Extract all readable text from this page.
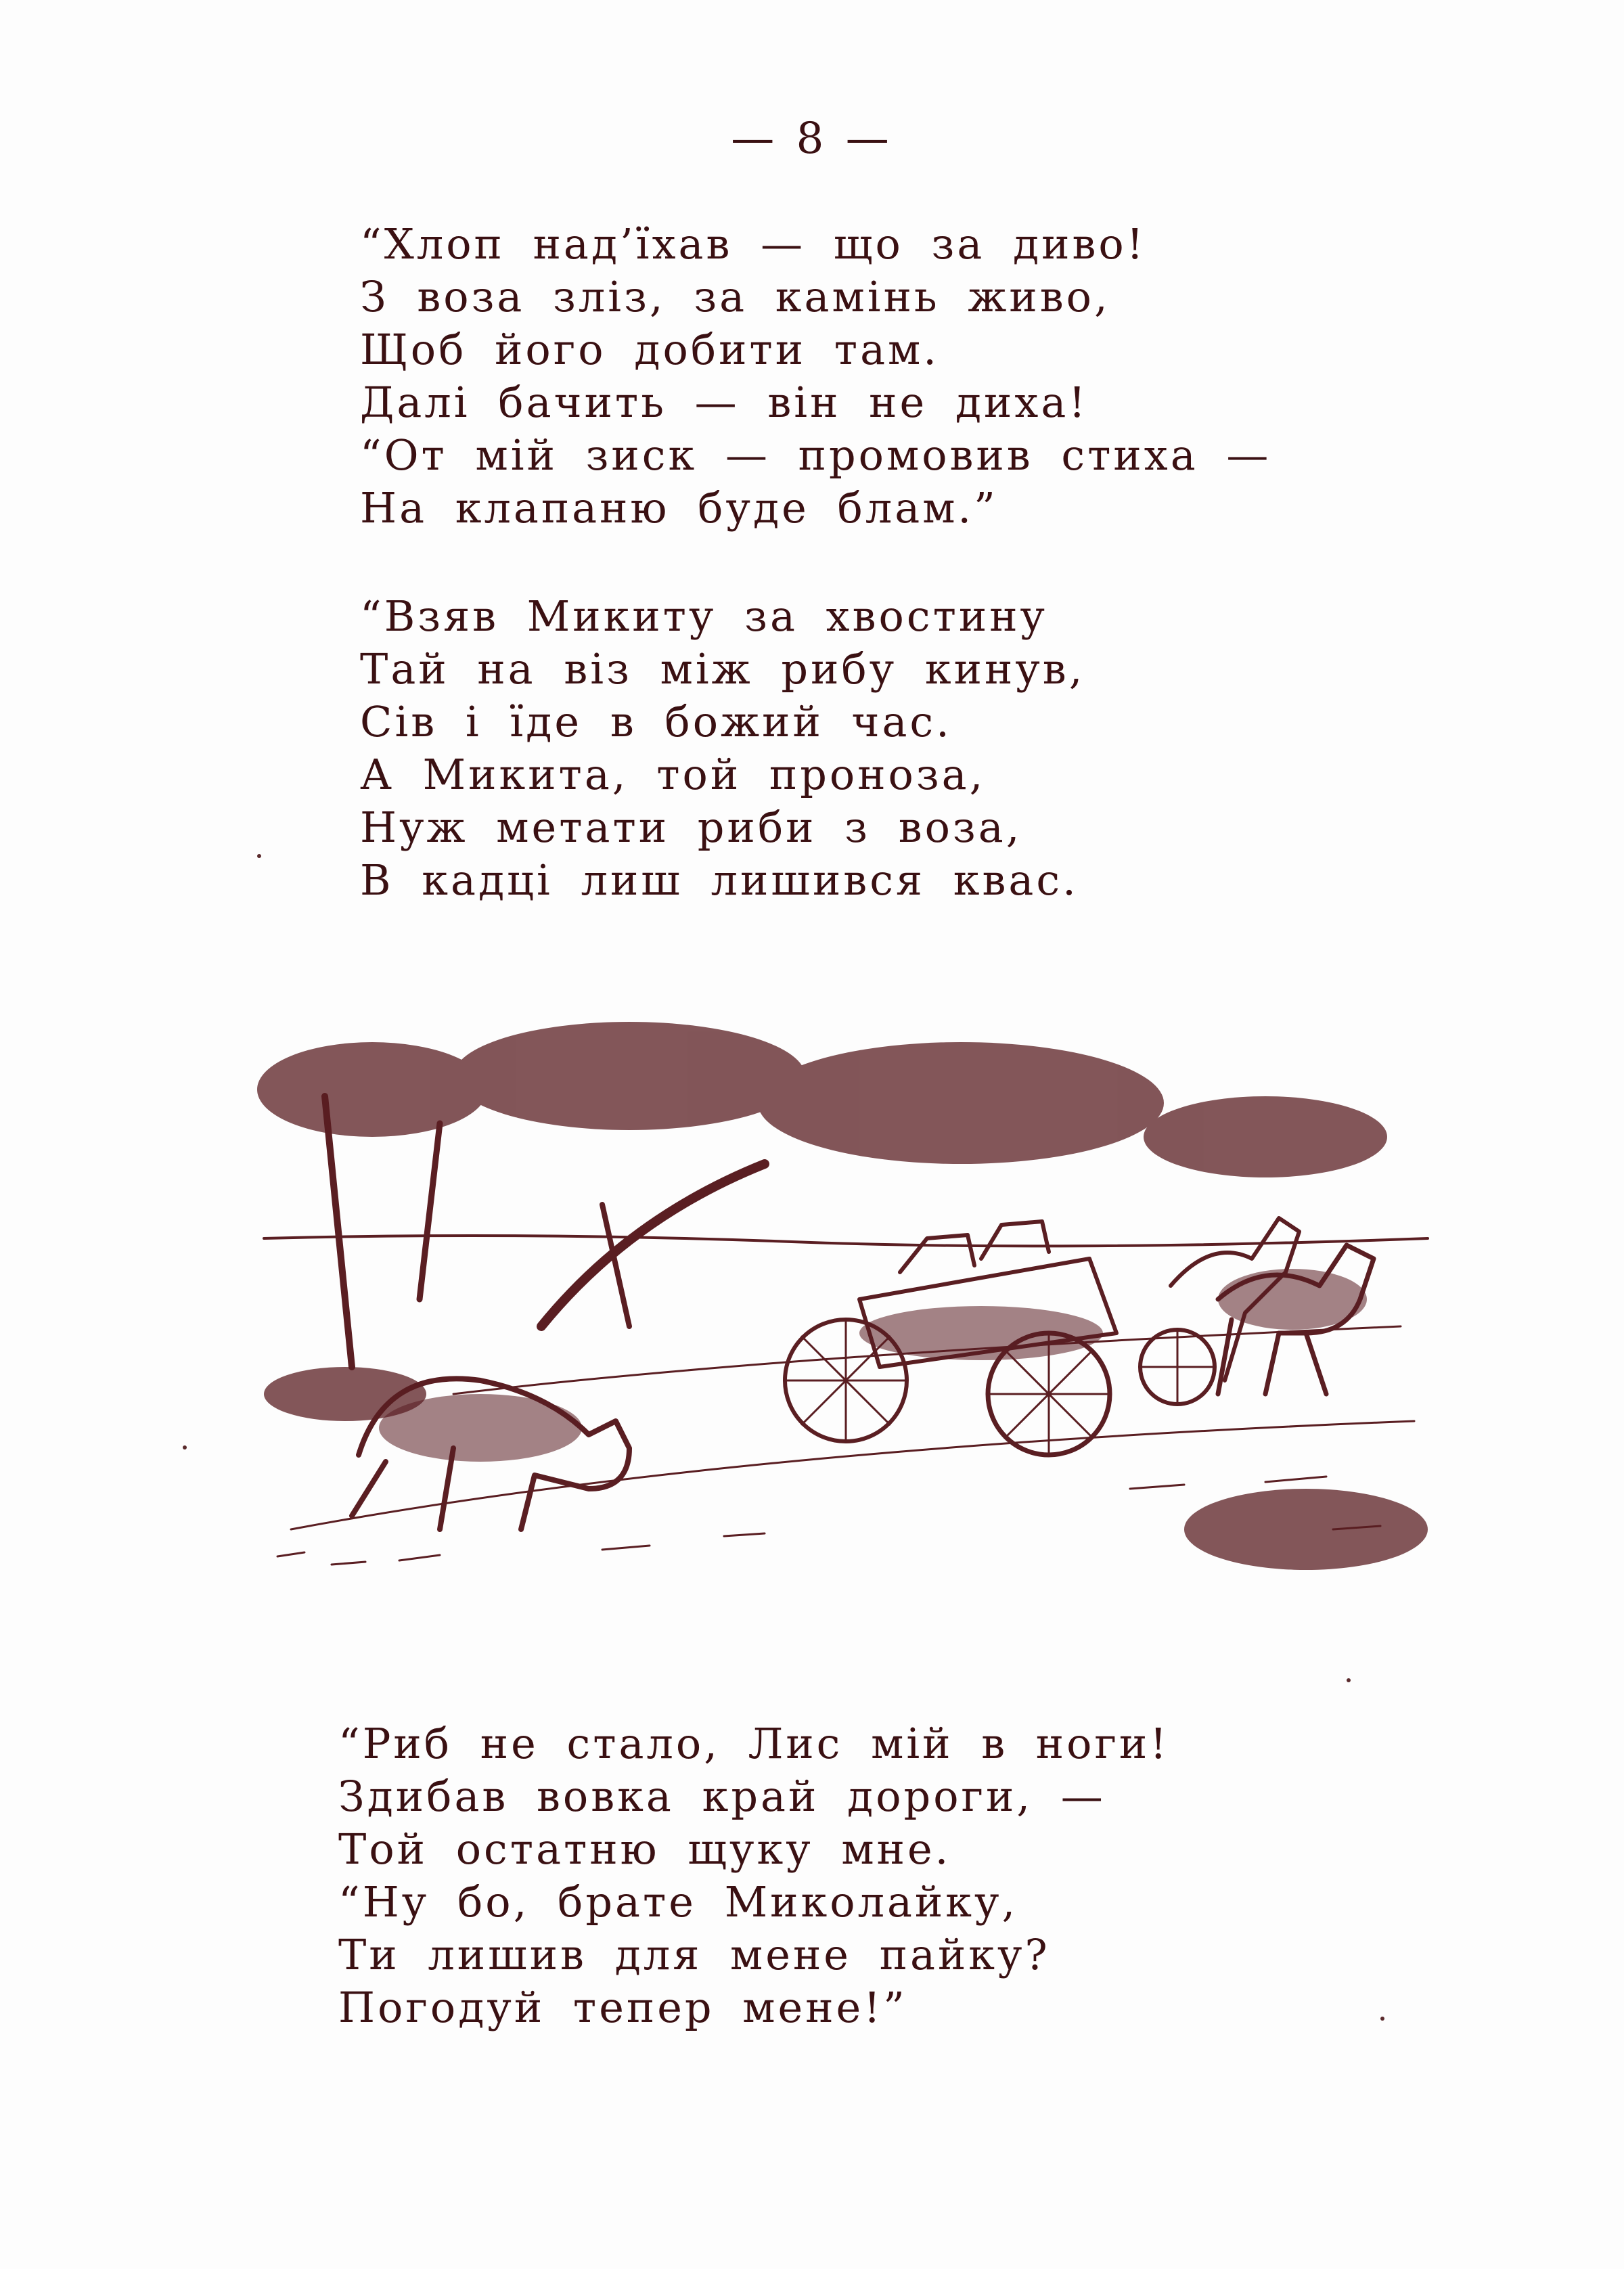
— 8 —
“Хлоп над’їхав — що за диво!
З воза зліз, за камінь живо,
Щоб його добити там.
Далі бачить — він не диха!
“От мій зиск — промовив стиха —
На клапаню буде блам.”
“Взяв Микиту за хвостину
Тай на віз між рибу кинув,
Сів і їде в божий час.
А Микита, той проноза,
Нуж метати риби з воза,
В кадці лиш лишився квас.
“Риб не стало, Лис мій в ноги!
Здибав вовка край дороги, —
Той остатню щуку мне.
“Ну бо, брате Миколайку,
Ти лишив для мене пайку?
Погодуй тепер мене!”
